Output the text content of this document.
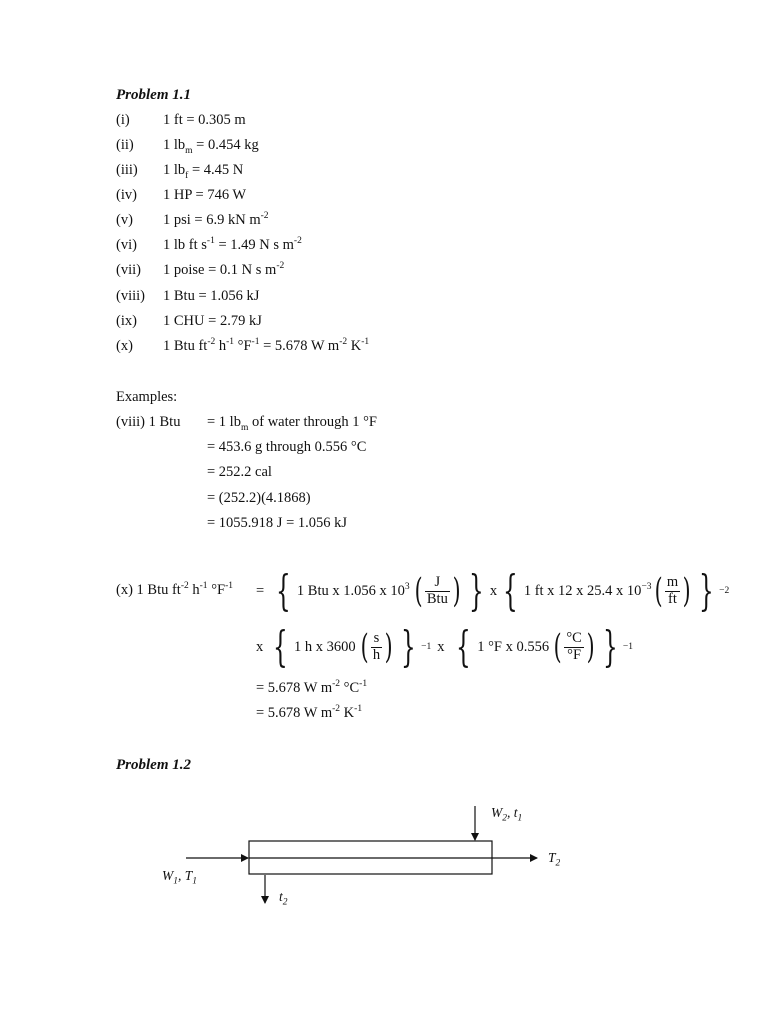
Problem 1.1
(i) 1 ft = 0.305 m
(ii) 1 $lb_m = 0.454$ kg
(iii) 1 $lb_f = 4.45$ N
(iv) 1 HP = 746 W
(v) 1 psi = 6.9 kN $m^{-2}$
(vi) 1 lb ft $s^{-1} = 1.49$ N s $m^{-2}$
(vii) 1 poise = 0.1 N s $m^{-2}$
(viii) 1 Btu = 1.056 kJ
(ix) 1 CHU = 2.79 kJ
(x) 1 Btu $ft^{-2}$ $h^{-1}$ $^\circ F^{-1} = 5.678$ W $m^{-2}$ $K^{-1}$
Examples:
(viii) 1 Btu = 1 $lb_m$ of water through 1 °F
= 453.6 g through 0.556 °C
= 252.2 cal
= (252.2)(4.1868)
= 1055.918 J = 1.056 kJ
(x) 1 Btu $ft^{-2}$ $h^{-1}$ $^\circ F^{-1}$ = { 1 Btu x 1.056 x $10^3$ ( $\frac{J}{\text{Btu}}$ ) } x { 1 ft x 12 x 25.4 x $10^{-3}$ ( $\frac{m}{ft}$ ) } −2
x { 1 h x 3600 ( $\frac{s}{h}$ ) } −1 x { 1 °F x 0.556 ( $\frac{^\circ C}{^\circ F}$ ) } −1
= 5.678 W $m^{-2}$ $^\circ C^{-1}$
= 5.678 W $m^{-2}$ $K^{-1}$
Problem 1.2
$W_2$, $t_1$
$T_2$
$W_1$, $T_1$
$t_2$
